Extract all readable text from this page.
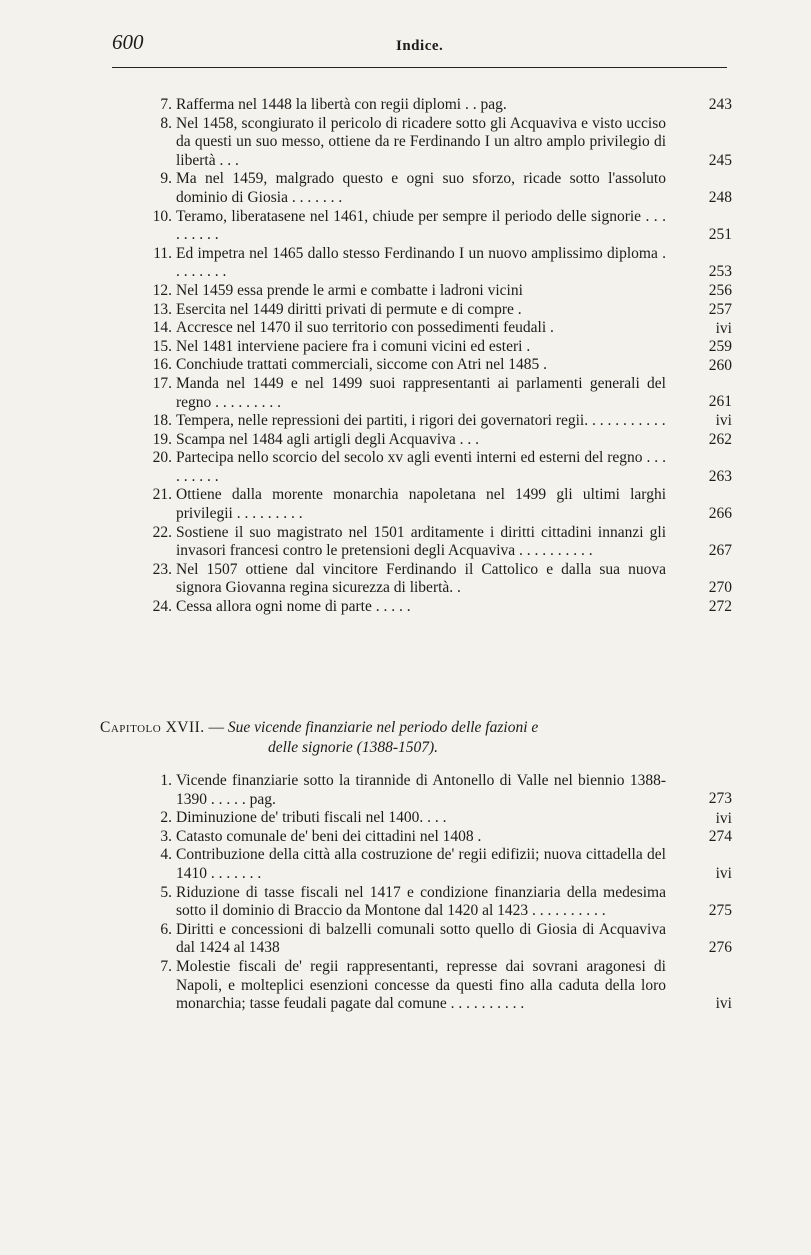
600	Indice.
7. Rafferma nel 1448 la libertà con regii diplomi . . pag.	243
8. Nel 1458, scongiurato il pericolo di ricadere sotto gli Acquaviva e visto ucciso da questi un suo messo, ottiene da re Ferdinando I un altro amplo privilegio di libertà . . .	245
9. Ma nel 1459, malgrado questo e ogni suo sforzo, ricade sotto l'assoluto dominio di Giosia . . . . . . .	248
10. Teramo, liberatasene nel 1461, chiude per sempre il periodo delle signorie . . . . . . . . .	251
11. Ed impetra nel 1465 dallo stesso Ferdinando I un nuovo amplissimo diploma . . . . . . . .	253
12. Nel 1459 essa prende le armi e combatte i ladroni vicini	256
13. Esercita nel 1449 diritti privati di permute e di compre .	257
14. Accresce nel 1470 il suo territorio con possedimenti feudali .	ivi
15. Nel 1481 interviene paciere fra i comuni vicini ed esteri .	259
16. Conchiude trattati commerciali, siccome con Atri nel 1485 .	260
17. Manda nel 1449 e nel 1499 suoi rappresentanti ai parlamenti generali del regno . . . . . . . . .	261
18. Tempera, nelle repressioni dei partiti, i rigori dei governatori regii. . . . . . . . . . .	ivi
19. Scampa nel 1484 agli artigli degli Acquaviva . . .	262
20. Partecipa nello scorcio del secolo xv agli eventi interni ed esterni del regno . . . . . . . . .	263
21. Ottiene dalla morente monarchia napoletana nel 1499 gli ultimi larghi privilegii . . . . . . . . .	266
22. Sostiene il suo magistrato nel 1501 arditamente i diritti cittadini innanzi gli invasori francesi contro le pretensioni degli Acquaviva . . . . . . . . . .	267
23. Nel 1507 ottiene dal vincitore Ferdinando il Cattolico e dalla sua nuova signora Giovanna regina sicurezza di libertà. .	270
24. Cessa allora ogni nome di parte . . . . .	272
Capitolo XVII. — Sue vicende finanziarie nel periodo delle fazioni e
delle signorie (1388-1507).
1. Vicende finanziarie sotto la tirannide di Antonello di Valle nel biennio 1388-1390 . . . . . pag.	273
2. Diminuzione de' tributi fiscali nel 1400. . . .	ivi
3. Catasto comunale de' beni dei cittadini nel 1408 .	274
4. Contribuzione della città alla costruzione de' regii edifizii; nuova cittadella del 1410 . . . . . . .	ivi
5. Riduzione di tasse fiscali nel 1417 e condizione finanziaria della medesima sotto il dominio di Braccio da Montone dal 1420 al 1423 . . . . . . . . . .	275
6. Diritti e concessioni di balzelli comunali sotto quello di Giosia di Acquaviva dal 1424 al 1438	276
7. Molestie fiscali de' regii rappresentanti, represse dai sovrani aragonesi di Napoli, e molteplici esenzioni concesse da questi fino alla caduta della loro monarchia; tasse feudali pagate dal comune . . . . . . . . . .	ivi
